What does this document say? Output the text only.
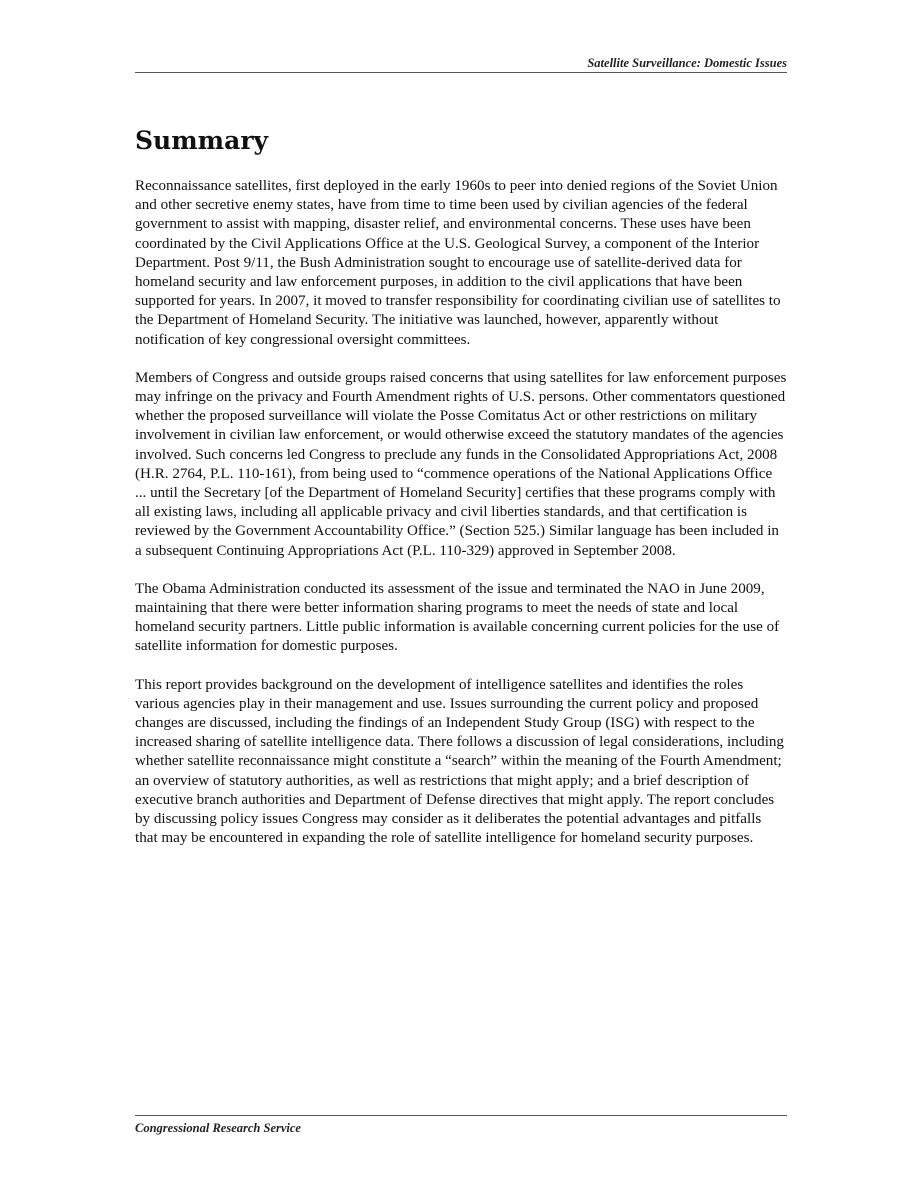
Satellite Surveillance: Domestic Issues
Summary

Reconnaissance satellites, first deployed in the early 1960s to peer into denied regions of the Soviet Union and other secretive enemy states, have from time to time been used by civilian agencies of the federal government to assist with mapping, disaster relief, and environmental concerns. These uses have been coordinated by the Civil Applications Office at the U.S. Geological Survey, a component of the Interior Department. Post 9/11, the Bush Administration sought to encourage use of satellite-derived data for homeland security and law enforcement purposes, in addition to the civil applications that have been supported for years. In 2007, it moved to transfer responsibility for coordinating civilian use of satellites to the Department of Homeland Security. The initiative was launched, however, apparently without notification of key congressional oversight committees.

Members of Congress and outside groups raised concerns that using satellites for law enforcement purposes may infringe on the privacy and Fourth Amendment rights of U.S. persons. Other commentators questioned whether the proposed surveillance will violate the Posse Comitatus Act or other restrictions on military involvement in civilian law enforcement, or would otherwise exceed the statutory mandates of the agencies involved. Such concerns led Congress to preclude any funds in the Consolidated Appropriations Act, 2008 (H.R. 2764, P.L. 110-161), from being used to “commence operations of the National Applications Office ... until the Secretary [of the Department of Homeland Security] certifies that these programs comply with all existing laws, including all applicable privacy and civil liberties standards, and that certification is reviewed by the Government Accountability Office.” (Section 525.) Similar language has been included in a subsequent Continuing Appropriations Act (P.L. 110-329) approved in September 2008.

The Obama Administration conducted its assessment of the issue and terminated the NAO in June 2009, maintaining that there were better information sharing programs to meet the needs of state and local homeland security partners. Little public information is available concerning current policies for the use of satellite information for domestic purposes.

This report provides background on the development of intelligence satellites and identifies the roles various agencies play in their management and use. Issues surrounding the current policy and proposed changes are discussed, including the findings of an Independent Study Group (ISG) with respect to the increased sharing of satellite intelligence data. There follows a discussion of legal considerations, including whether satellite reconnaissance might constitute a “search” within the meaning of the Fourth Amendment; an overview of statutory authorities, as well as restrictions that might apply; and a brief description of executive branch authorities and Department of Defense directives that might apply. The report concludes by discussing policy issues Congress may consider as it deliberates the potential advantages and pitfalls that may be encountered in expanding the role of satellite intelligence for homeland security purposes.

Congressional Research Service
